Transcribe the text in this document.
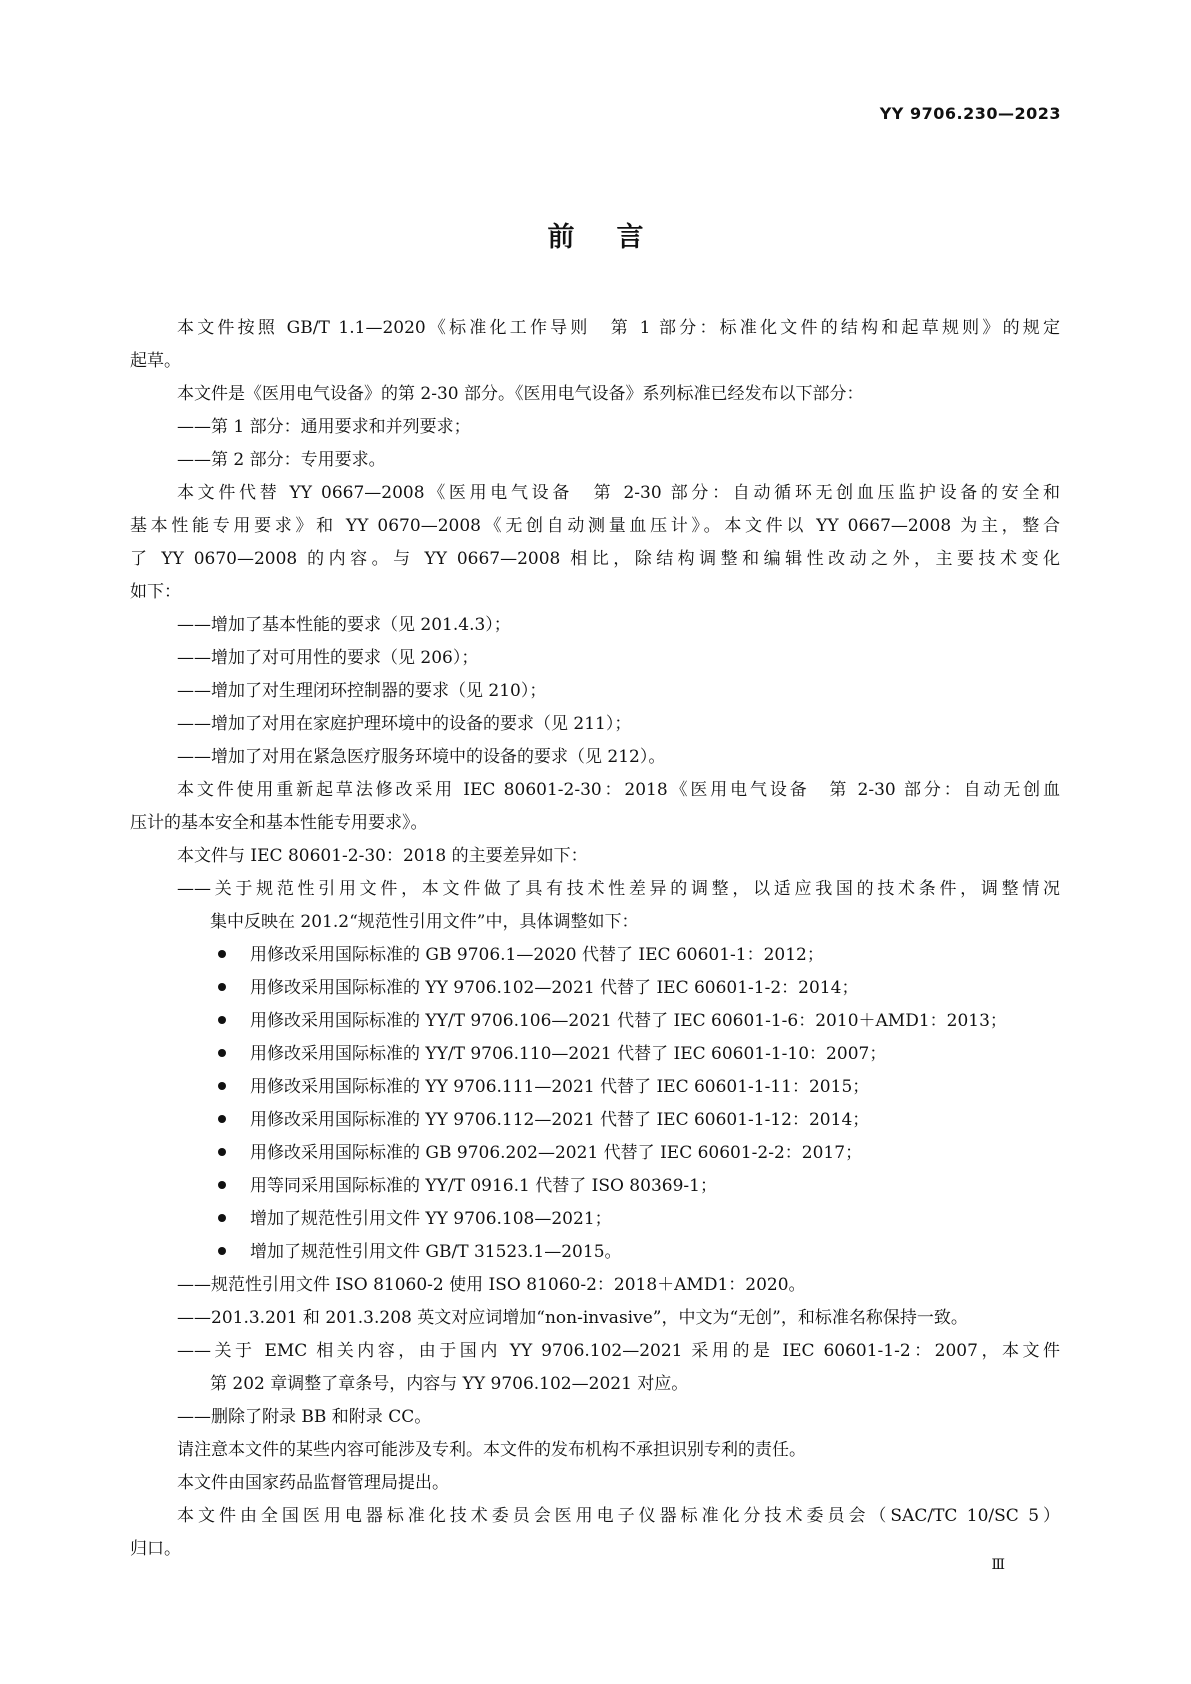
YY 9706.230—2023
前言
本文件按照 GB/T 1.1—2020《标准化工作导则　第 1 部分：标准化文件的结构和起草规则》的规定
起草。
本文件是《医用电气设备》的第 2-30 部分。《医用电气设备》系列标准已经发布以下部分：
——第 1 部分：通用要求和并列要求；
——第 2 部分：专用要求。
本文件代替 YY 0667—2008《医用电气设备　第 2-30 部分：自动循环无创血压监护设备的安全和
基本性能专用要求》和 YY 0670—2008《无创自动测量血压计》。本文件以 YY 0667—2008 为主，整合
了 YY 0670—2008 的内容。与 YY 0667—2008 相比，除结构调整和编辑性改动之外，主要技术变化
如下：
——增加了基本性能的要求（见 201.4.3）；
——增加了对可用性的要求（见 206）；
——增加了对生理闭环控制器的要求（见 210）；
——增加了对用在家庭护理环境中的设备的要求（见 211）；
——增加了对用在紧急医疗服务环境中的设备的要求（见 212）。
本文件使用重新起草法修改采用 IEC 80601-2-30：2018《医用电气设备　第 2-30 部分：自动无创血
压计的基本安全和基本性能专用要求》。
本文件与 IEC 80601-2-30：2018 的主要差异如下：
——关于规范性引用文件，本文件做了具有技术性差异的调整，以适应我国的技术条件，调整情况
集中反映在 201.2“规范性引用文件”中，具体调整如下：
用修改采用国际标准的 GB 9706.1—2020 代替了 IEC 60601-1：2012；
用修改采用国际标准的 YY 9706.102—2021 代替了 IEC 60601-1-2：2014；
用修改采用国际标准的 YY/T 9706.106—2021 代替了 IEC 60601-1-6：2010＋AMD1：2013；
用修改采用国际标准的 YY/T 9706.110—2021 代替了 IEC 60601-1-10：2007；
用修改采用国际标准的 YY 9706.111—2021 代替了 IEC 60601-1-11：2015；
用修改采用国际标准的 YY 9706.112—2021 代替了 IEC 60601-1-12：2014；
用修改采用国际标准的 GB 9706.202—2021 代替了 IEC 60601-2-2：2017；
用等同采用国际标准的 YY/T 0916.1 代替了 ISO 80369-1；
增加了规范性引用文件 YY 9706.108—2021；
增加了规范性引用文件 GB/T 31523.1—2015。
——规范性引用文件 ISO 81060-2 使用 ISO 81060-2：2018＋AMD1：2020。
——201.3.201 和 201.3.208 英文对应词增加“non-invasive”，中文为“无创”，和标准名称保持一致。
——关于 EMC 相关内容，由于国内 YY 9706.102—2021 采用的是 IEC 60601-1-2：2007，本文件
第 202 章调整了章条号，内容与 YY 9706.102—2021 对应。
——删除了附录 BB 和附录 CC。
请注意本文件的某些内容可能涉及专利。本文件的发布机构不承担识别专利的责任。
本文件由国家药品监督管理局提出。
本文件由全国医用电器标准化技术委员会医用电子仪器标准化分技术委员会（SAC/TC 10/SC 5）
归口。
Ⅲ
